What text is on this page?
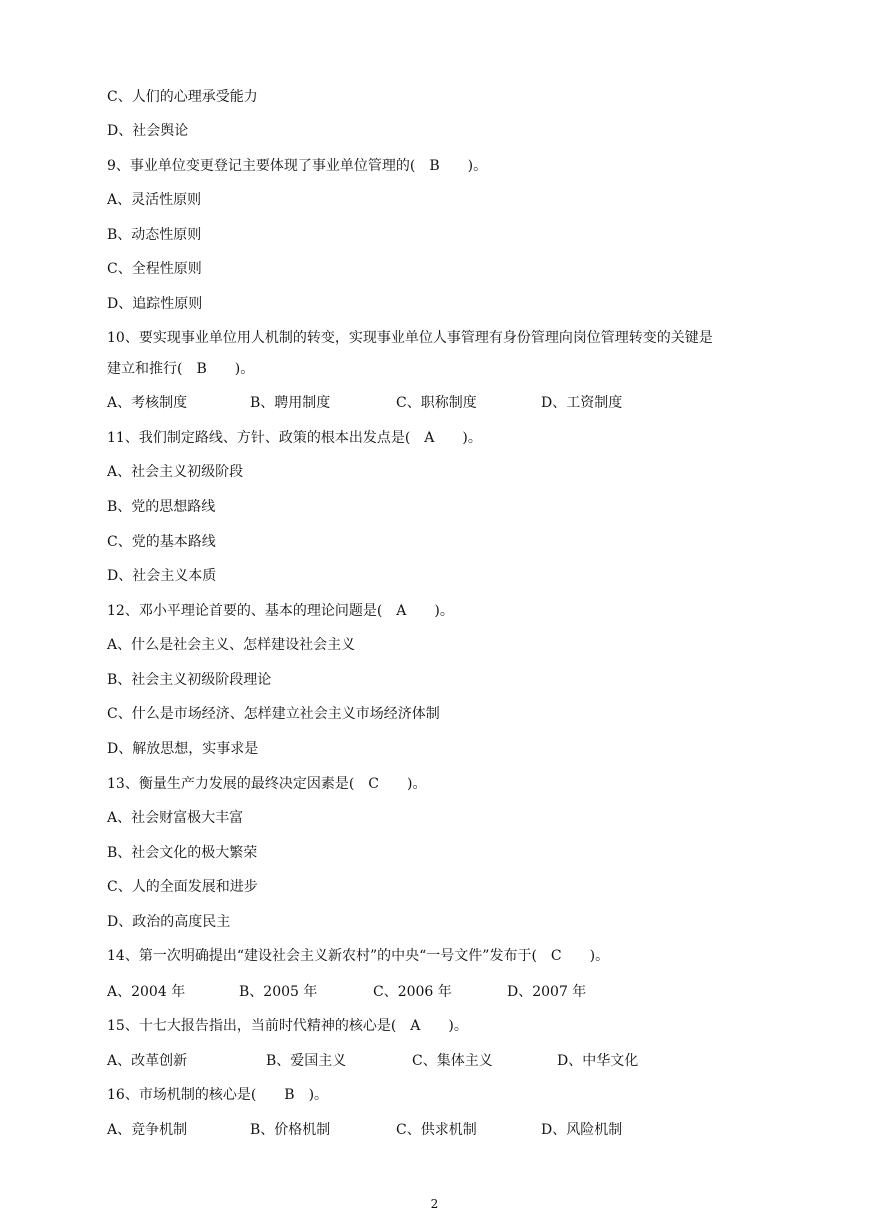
C、人们的心理承受能力
D、社会舆论
9、事业单位变更登记主要体现了事业单位管理的(　B　　)。
A、灵活性原则
B、动态性原则
C、全程性原则
D、追踪性原则
10、要实现事业单位用人机制的转变，实现事业单位人事管理有身份管理向岗位管理转变的关键是
建立和推行(　B　　)。
A、考核制度	B、聘用制度	C、职称制度	D、工资制度
11、我们制定路线、方针、政策的根本出发点是(　A　　)。
A、社会主义初级阶段
B、党的思想路线
C、党的基本路线
D、社会主义本质
12、邓小平理论首要的、基本的理论问题是(　A　　)。
A、什么是社会主义、怎样建设社会主义
B、社会主义初级阶段理论
C、什么是市场经济、怎样建立社会主义市场经济体制
D、解放思想，实事求是
13、衡量生产力发展的最终决定因素是(　C　　)。
A、社会财富极大丰富
B、社会文化的极大繁荣
C、人的全面发展和进步
D、政治的高度民主
14、第一次明确提出“建设社会主义新农村”的中央“一号文件”发布于(　C　　)。
A、2004 年	B、2005 年	C、2006 年	D、2007 年
15、十七大报告指出，当前时代精神的核心是(　A　　)。
A、改革创新	B、爱国主义	C、集体主义	D、中华文化
16、市场机制的核心是(　　B　)。
A、竞争机制	B、价格机制	C、供求机制	D、风险机制
2
